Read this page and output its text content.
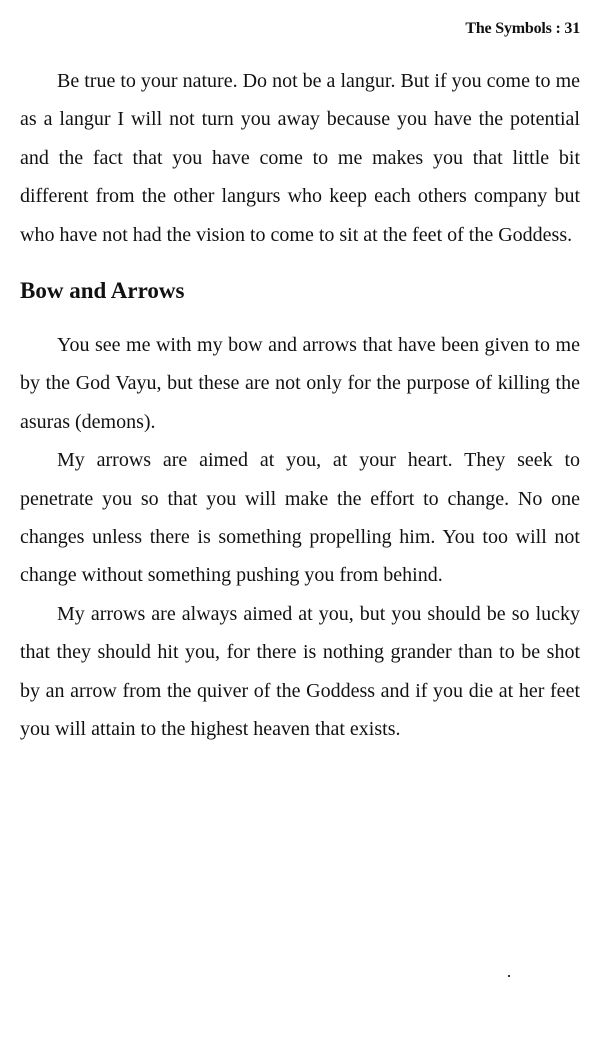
The Symbols : 31

Be true to your nature. Do not be a langur. But if you come to me as a langur I will not turn you away because you have the potential and the fact that you have come to me makes you that little bit different from the other langurs who keep each others company but who have not had the vision to come to sit at the feet of the Goddess.

Bow and Arrows

You see me with my bow and arrows that have been given to me by the God Vayu, but these are not only for the purpose of killing the asuras (demons).

My arrows are aimed at you, at your heart. They seek to penetrate you so that you will make the effort to change. No one changes unless there is something propelling him. You too will not change without something pushing you from behind.

My arrows are always aimed at you, but you should be so lucky that they should hit you, for there is nothing grander than to be shot by an arrow from the quiver of the Goddess and if you die at her feet you will attain to the highest heaven that exists.
